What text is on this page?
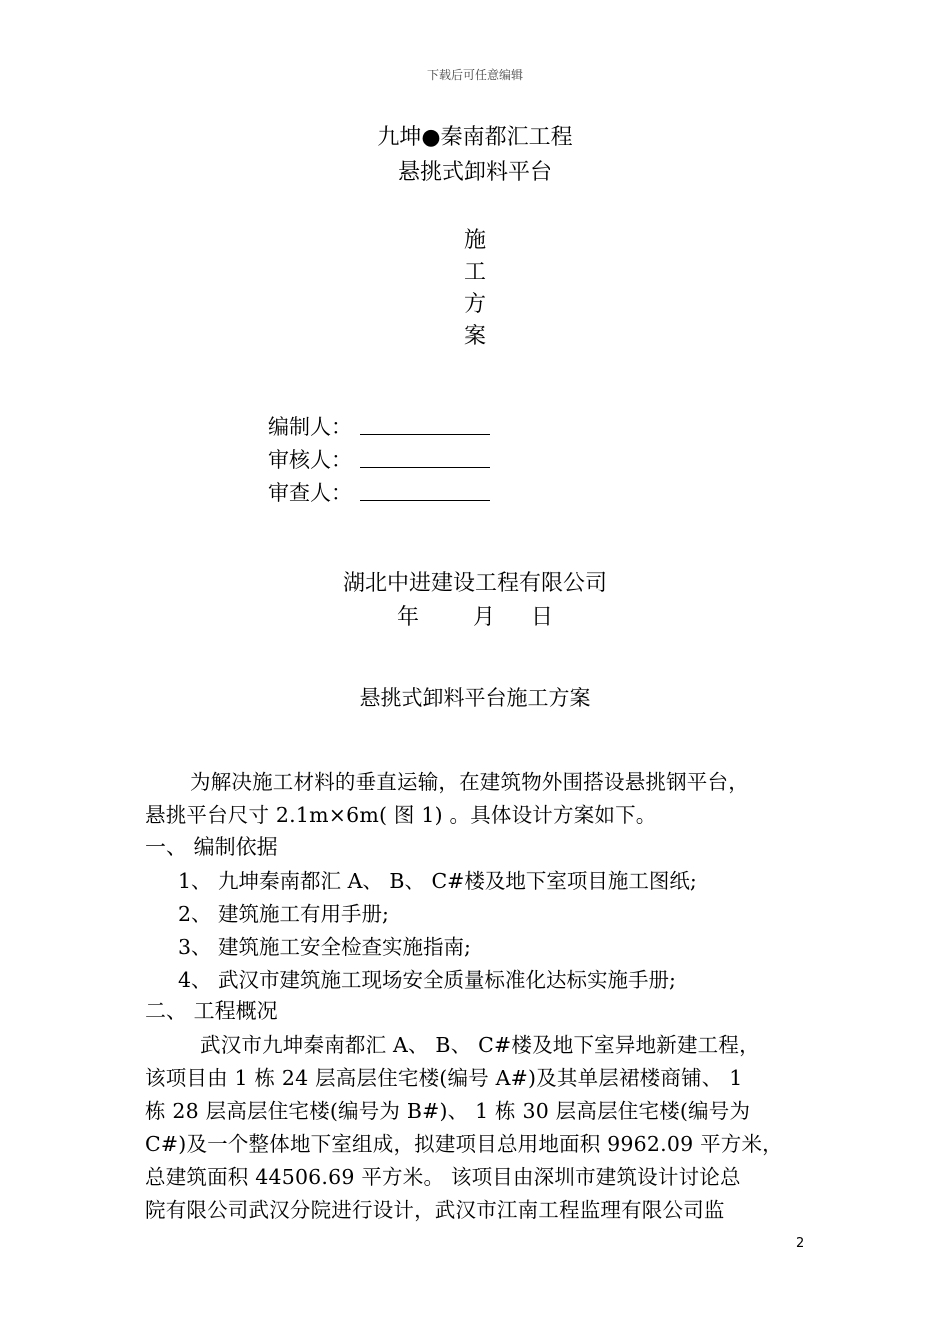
下载后可任意编辑
九坤●秦南都汇工程
悬挑式卸料平台
施
工
方
案
编制人：
审核人：
审查人：
湖北中进建设工程有限公司
年 月 日
悬挑式卸料平台施工方案
为解决施工材料的垂直运输，在建筑物外围搭设悬挑钢平台，
悬挑平台尺寸 2.1m×6m( 图 1) 。具体设计方案如下。
一、 编制依据
1、 九坤秦南都汇 A、 B、 C#楼及地下室项目施工图纸;
2、 建筑施工有用手册;
3、 建筑施工安全检查实施指南;
4、 武汉市建筑施工现场安全质量标准化达标实施手册;
二、 工程概况
武汉市九坤秦南都汇 A、 B、 C#楼及地下室异地新建工程，
该项目由 1 栋 24 层高层住宅楼(编号 A#)及其单层裙楼商铺、 1
栋 28 层高层住宅楼(编号为 B#)、 1 栋 30 层高层住宅楼(编号为
C#)及一个整体地下室组成，拟建项目总用地面积 9962.09 平方米，
总建筑面积 44506.69 平方米。 该项目由深圳市建筑设计讨论总
院有限公司武汉分院进行设计，武汉市江南工程监理有限公司监
2
